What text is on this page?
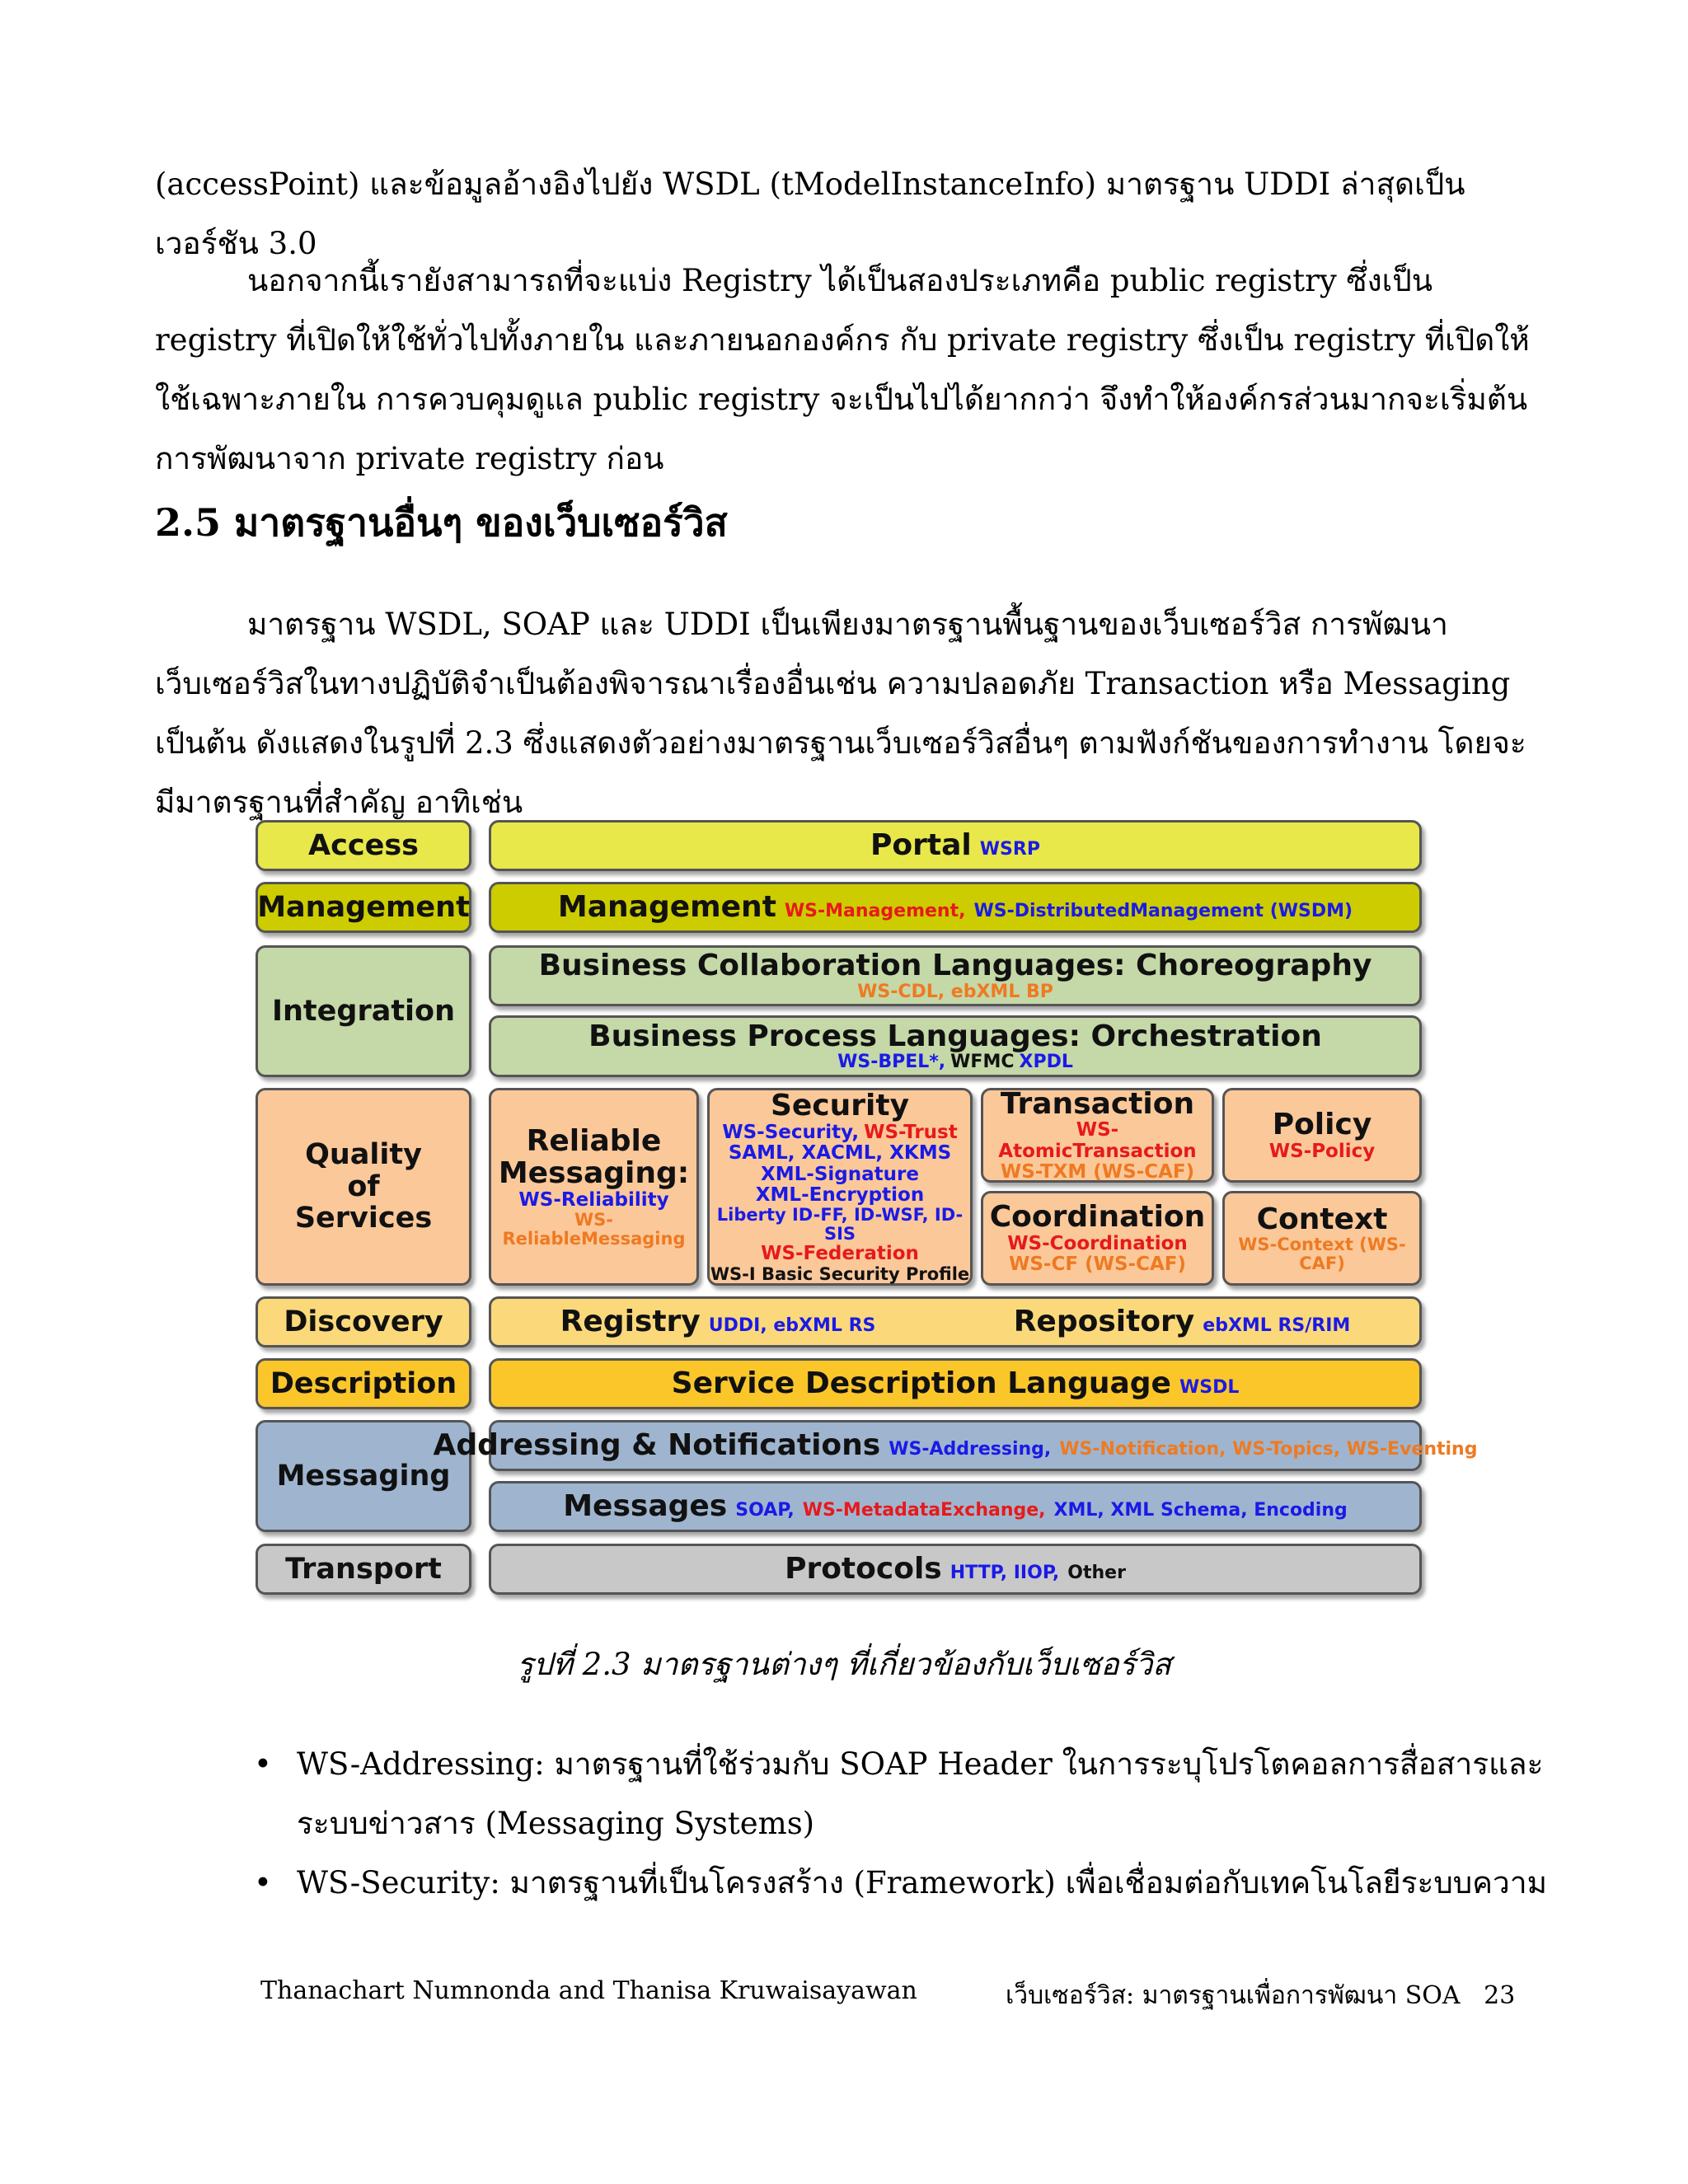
(accessPoint) และข้อมูลอ้างอิงไปยัง WSDL (tModelInstanceInfo) มาตรฐาน UDDI ล่าสุดเป็นเวอร์ชัน 3.0

นอกจากนี้เรายังสามารถที่จะแบ่ง Registry ได้เป็นสองประเภทคือ public registry ซึ่งเป็น registry ที่เปิดให้ใช้ทั่วไปทั้งภายใน และภายนอกองค์กร กับ private registry ซึ่งเป็น registry ที่เปิดให้ใช้เฉพาะภายใน การควบคุมดูแล public registry จะเป็นไปได้ยากกว่า จึงทำให้องค์กรส่วนมากจะเริ่มต้นการพัฒนาจาก private registry ก่อน

2.5 มาตรฐานอื่นๆ ของเว็บเซอร์วิส

มาตรฐาน WSDL, SOAP และ UDDI เป็นเพียงมาตรฐานพื้นฐานของเว็บเซอร์วิส การพัฒนาเว็บเซอร์วิสในทางปฏิบัติจำเป็นต้องพิจารณาเรื่องอื่นเช่น ความปลอดภัย Transaction หรือ Messaging เป็นต้น ดังแสดงในรูปที่ 2.3 ซึ่งแสดงตัวอย่างมาตรฐานเว็บเซอร์วิสอื่นๆ ตามฟังก์ชันของการทำงาน โดยจะมีมาตรฐานที่สำคัญ อาทิเช่น

Access
Management
Integration
Quality
of
Services
Discovery
Description
Messaging
Transport
Portal WSRP
Management WS-Management, WS-DistributedManagement (WSDM)
Business Collaboration Languages: Choreography
WS-CDL, ebXML BP
Business Process Languages: Orchestration
WS-BPEL*, WFMC XPDL
Reliable
Messaging:
WS-Reliability
WS-ReliableMessaging
Security
WS-Security, WS-Trust
SAML, XACML, XKMS
XML-Signature
XML-Encryption
Liberty ID-FF, ID-WSF, ID-SIS
WS-Federation
WS-I Basic Security Profile
Transaction
WS-AtomicTransaction
WS-TXM (WS-CAF)
Policy
WS-Policy
Coordination
WS-Coordination
WS-CF (WS-CAF)
Context
WS-Context (WS-CAF)
Registry UDDI, ebXML RS	Repository ebXML RS/RIM
Service Description Language WSDL
Addressing & Notifications WS-Addressing, WS-Notification, WS-Topics, WS-Eventing
Messages SOAP, WS-MetadataExchange, XML, XML Schema, Encoding
Protocols HTTP, IIOP, Other
รูปที่ 2.3 มาตรฐานต่างๆ ที่เกี่ยวข้องกับเว็บเซอร์วิส
• WS-Addressing: มาตรฐานที่ใช้ร่วมกับ SOAP Header ในการระบุโปรโตคอลการสื่อสารและระบบข่าวสาร (Messaging Systems)
• WS-Security: มาตรฐานที่เป็นโครงสร้าง (Framework) เพื่อเชื่อมต่อกับเทคโนโลยีระบบความ
Thanachart Numnonda and Thanisa Kruwaisayawan	เว็บเซอร์วิส: มาตรฐานเพื่อการพัฒนา SOA 23
